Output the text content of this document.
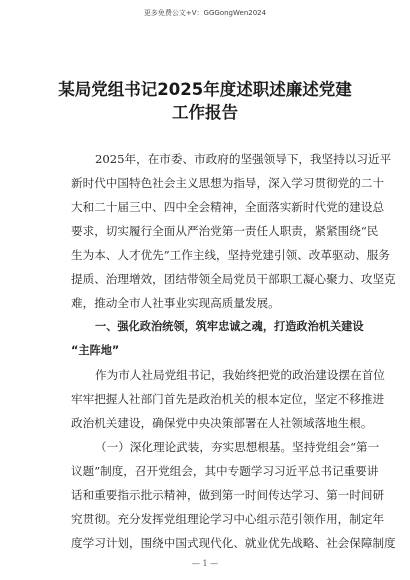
更多免费公文+V：GGGongWen2024
某局党组书记2025年度述职述廉述党建
工作报告
2025年，在市委、市政府的坚强领导下，我坚持以习近平
新时代中国特色社会主义思想为指导，深入学习贯彻党的二十
大和二十届三中、四中全会精神，全面落实新时代党的建设总
要求，切实履行全面从严治党第一责任人职责，紧紧围绕“民
生为本、人才优先”工作主线，坚持党建引领、改革驱动、服务
提质、治理增效，团结带领全局党员干部职工凝心聚力、攻坚克
难，推动全市人社事业实现高质量发展。
一、强化政治统领，筑牢忠诚之魂，打造政治机关建设
“主阵地”
作为市人社局党组书记，我始终把党的政治建设摆在首位
牢牢把握人社部门首先是政治机关的根本定位，坚定不移推进
政治机关建设，确保党中央决策部署在人社领域落地生根。
（一）深化理论武装，夯实思想根基。坚持党组会“第一
议题”制度，召开党组会，其中专题学习习近平总书记重要讲
话和重要指示批示精神，做到第一时间传达学习、第一时间研
究贯彻。充分发挥党组理论学习中心组示范引领作用，制定年
度学习计划，围绕中国式现代化、就业优先战略、社会保障制度
— 1 —
